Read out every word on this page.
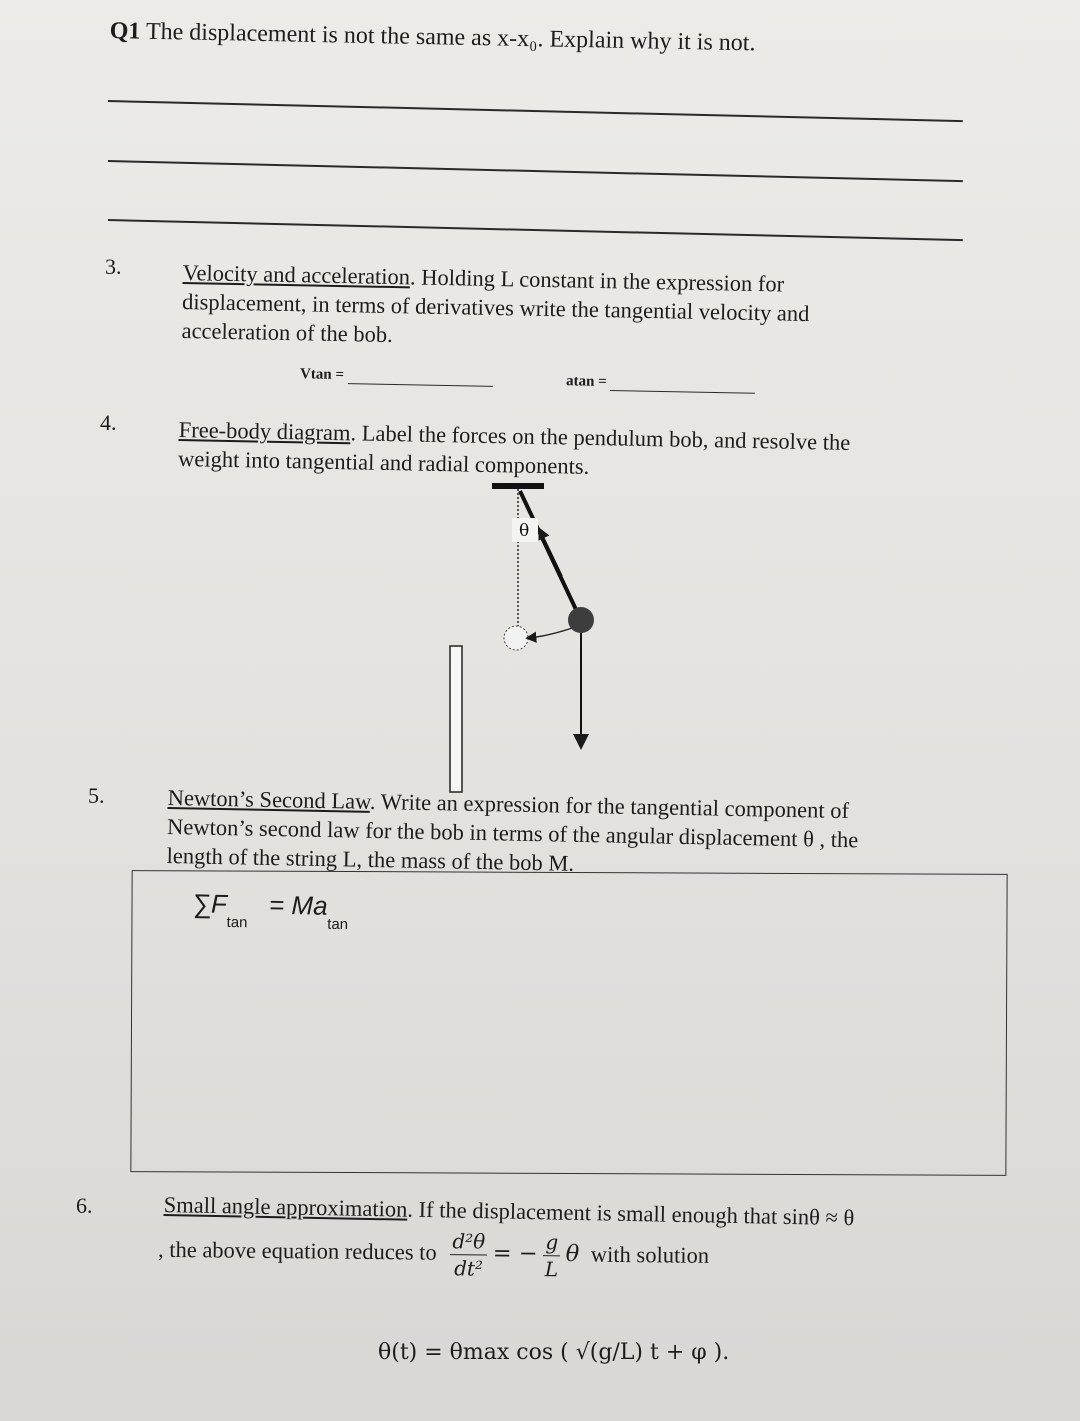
Q1 The displacement is not the same as x-x₀. Explain why it is not.
3.	Velocity and acceleration. Holding L constant in the expression for
displacement, in terms of derivatives write the tangential velocity and
acceleration of the bob.
Vtan =	atan =
4.	Free-body diagram. Label the forces on the pendulum bob, and resolve the
weight into tangential and radial components.
θ
5.	Newton’s Second Law. Write an expression for the tangential component of
Newton’s second law for the bob in terms of the angular displacement θ , the
length of the string L, the mass of the bob M.
$\sum F_{tan} = Ma_{tan}$
6.	Small angle approximation. If the displacement is small enough that sinθ ≈ θ
, the above equation reduces to $\frac{\text{d²θ}}{\text{dt²}}$ = − $\frac{g}{L}$ θ with solution
θ(t) = θmax cos ( √(g/L) t + φ ).
